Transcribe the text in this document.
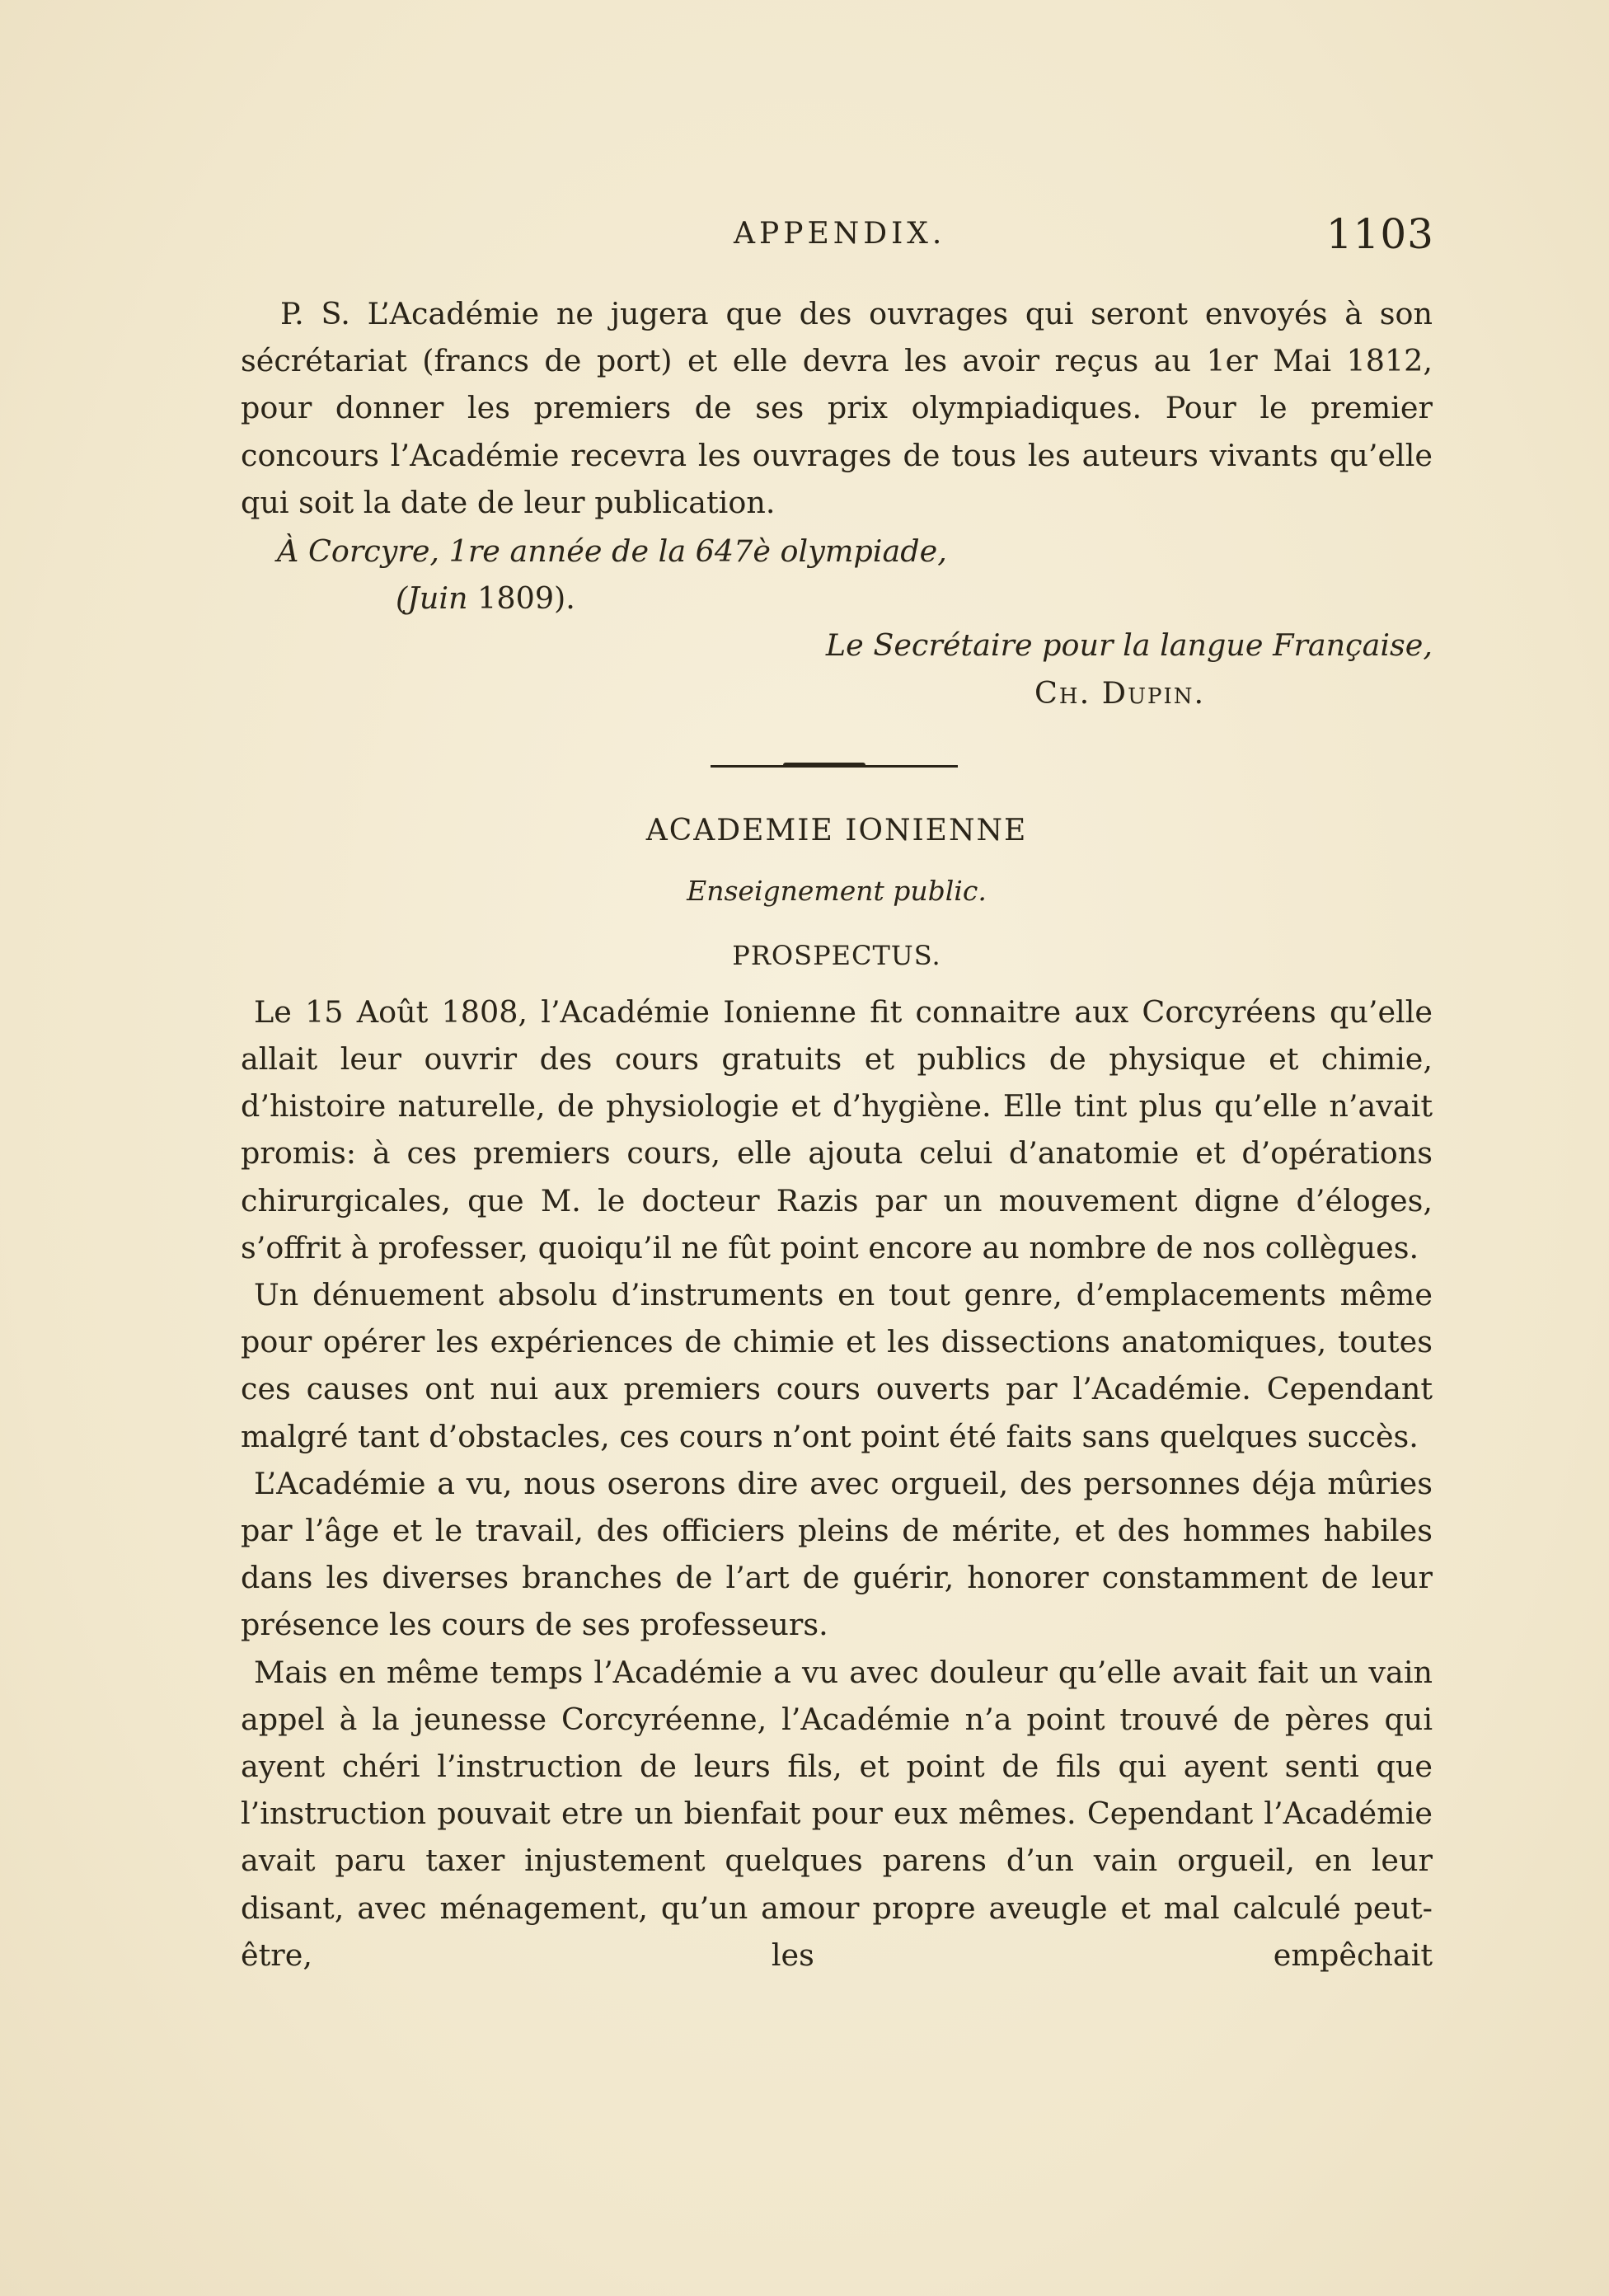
APPENDIX.	1103

P. S. L’Académie ne jugera que des ouvrages qui seront envoyés à son sécrétariat (francs de port) et elle devra les avoir reçus au 1er Mai 1812, pour donner les premiers de ses prix olympiadiques. Pour le premier concours l’Académie recevra les ouvrages de tous les auteurs vivants qu’elle qui soit la date de leur publication.

À Corcyre, 1re année de la 647è olympiade,
(Juin 1809).
Le Secrétaire pour la langue Française,
Ch. Dupin.
ACADEMIE IONIENNE
Enseignement public.
PROSPECTUS.

Le 15 Août 1808, l’Académie Ionienne fit connaitre aux Corcyréens qu’elle allait leur ouvrir des cours gratuits et publics de physique et chimie, d’histoire naturelle, de physiologie et d’hygiène. Elle tint plus qu’elle n’avait promis: à ces premiers cours, elle ajouta celui d’anatomie et d’opérations chirurgicales, que M. le docteur Razis par un mouvement digne d’éloges, s’offrit à professer, quoiqu’il ne fût point encore au nombre de nos collègues.

Un dénuement absolu d’instruments en tout genre, d’emplacements même pour opérer les expériences de chimie et les dissections anatomiques, toutes ces causes ont nui aux premiers cours ouverts par l’Académie. Cependant malgré tant d’obstacles, ces cours n’ont point été faits sans quelques succès.

L’Académie a vu, nous oserons dire avec orgueil, des personnes déja mûries par l’âge et le travail, des officiers pleins de mérite, et des hommes habiles dans les diverses branches de l’art de guérir, honorer constamment de leur présence les cours de ses professeurs.

Mais en même temps l’Académie a vu avec douleur qu’elle avait fait un vain appel à la jeunesse Corcyréenne, l’Académie n’a point trouvé de pères qui ayent chéri l’instruction de leurs fils, et point de fils qui ayent senti que l’instruction pouvait etre un bienfait pour eux mêmes. Cependant l’Académie avait paru taxer injustement quelques parens d’un vain orgueil, en leur disant, avec ménagement, qu’un amour propre aveugle et mal calculé peut-être, les empêchait
